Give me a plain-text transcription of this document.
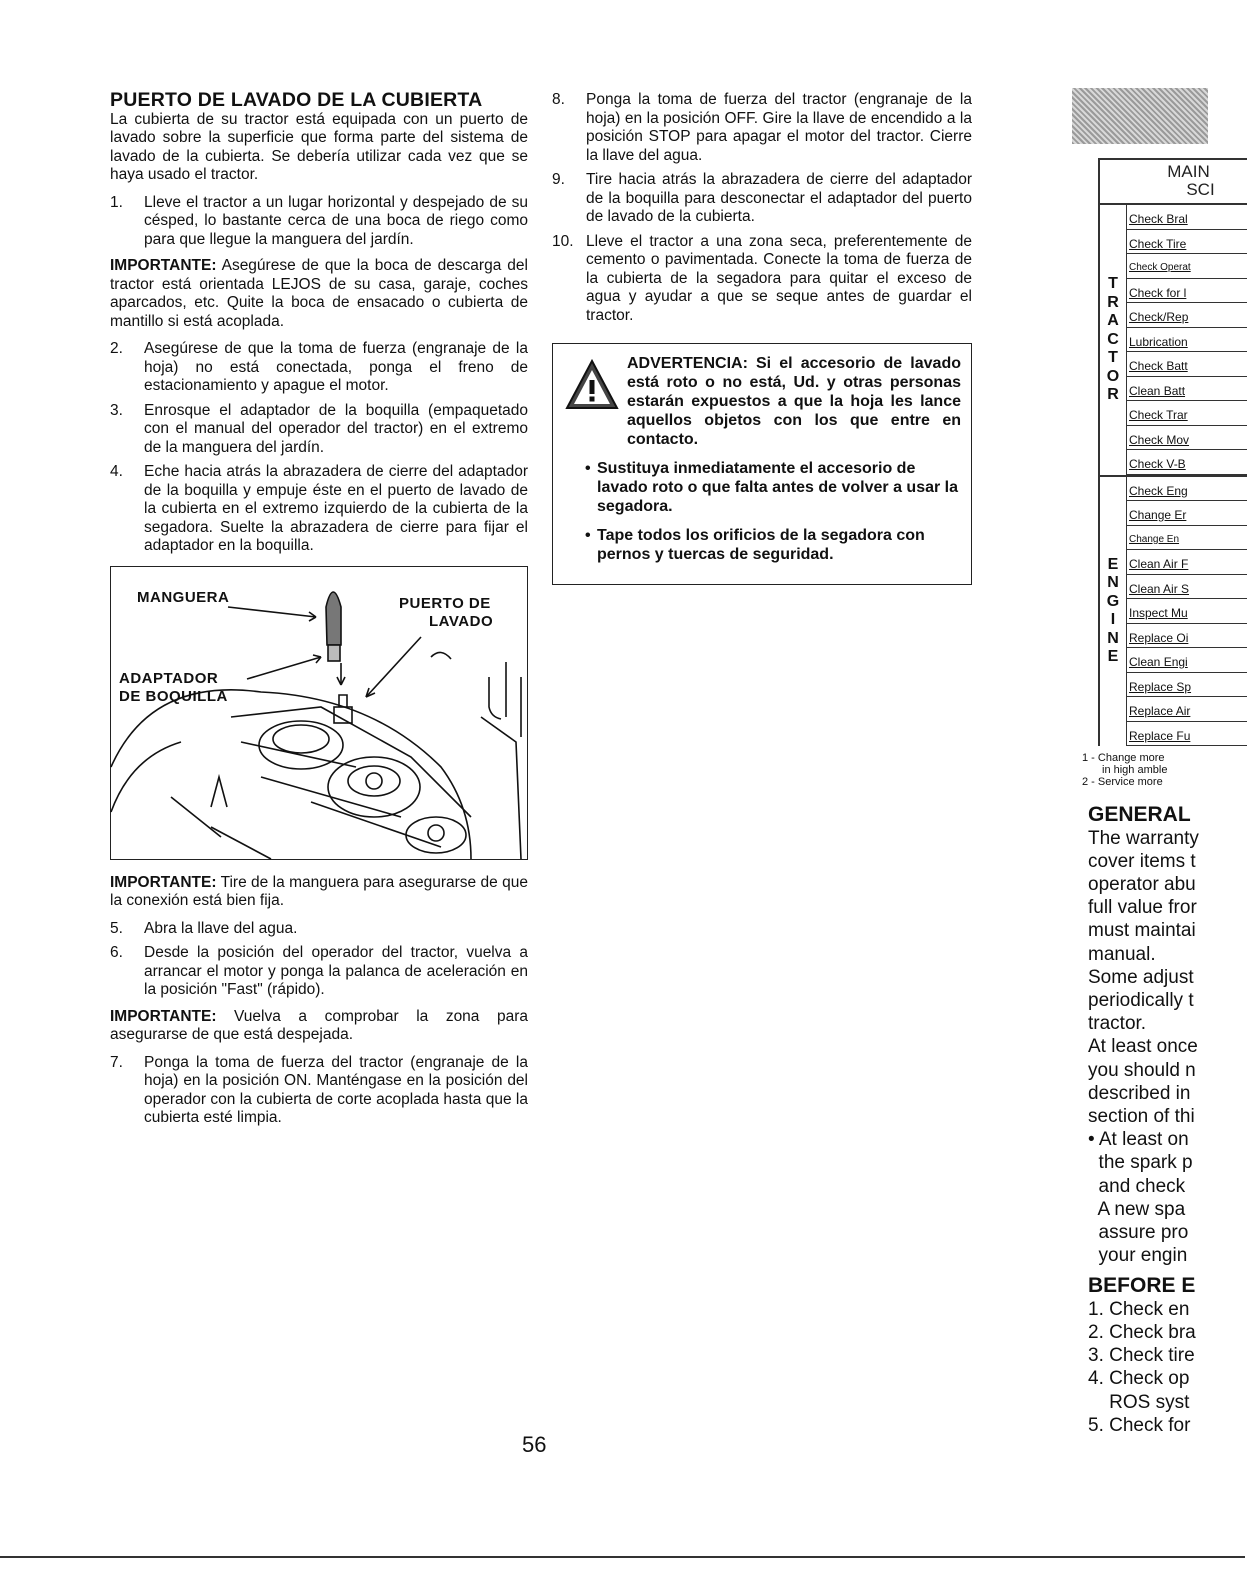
PUERTO DE LAVADO DE LA CUBIERTA

La cubierta de su tractor está equipada con un puerto de lavado sobre la superficie que forma parte del sistema de lavado de la cubierta. Se debería utilizar cada vez que se haya usado el tractor.

1.	Lleve el tractor a un lugar horizontal y despejado de su césped, lo bastante cerca de una boca de riego como para que llegue la manguera del jardín.

IMPORTANTE: Asegúrese de que la boca de descarga del tractor está orientada LEJOS de su casa, garaje, coches aparcados, etc. Quite la boca de ensacado o cubierta de mantillo si está acoplada.

2.	Asegúrese de que la toma de fuerza (engranaje de la hoja) no está conectada, ponga el freno de estacionamiento y apague el motor.
3.	Enrosque el adaptador de la boquilla (empaquetado con el manual del operador del tractor) en el extremo de la manguera del jardín.
4.	Eche hacia atrás la abrazadera de cierre del adaptador de la boquilla y empuje éste en el puerto de lavado de la cubierta en el extremo izquierdo de la cubierta de la segadora. Suelte la abrazadera de cierre para fijar el adaptador en la boquilla.
MANGUERA	PUERTO DE
LAVADO
ADAPTADOR
DE BOQUILLA

IMPORTANTE: Tire de la manguera para asegurarse de que la conexión está bien fija.

5.	Abra la llave del agua.
6.	Desde la posición del operador del tractor, vuelva a arrancar el motor y ponga la palanca de aceleración en la posición "Fast" (rápido).

IMPORTANTE: Vuelva a comprobar la zona para asegurarse de que está despejada.

7.	Ponga la toma de fuerza del tractor (engranaje de la hoja) en la posición ON. Manténgase en la posición del operador con la cubierta de corte acoplada hasta que la cubierta esté limpia.
8.	Ponga la toma de fuerza del tractor (engranaje de la hoja) en la posición OFF. Gire la llave de encendido a la posición STOP para apagar el motor del tractor. Cierre la llave del agua.
9.	Tire hacia atrás la abrazadera de cierre del adaptador de la boquilla para desconectar el adaptador del puerto de lavado de la cubierta.
10. Lleve el tractor a una zona seca, preferentemente de cemento o pavimentada. Conecte la toma de fuerza de la cubierta de la segadora para quitar el exceso de agua y ayudar a que se seque antes de guardar el tractor.
ADVERTENCIA: Si el accesorio de lavado está roto o no está, Ud. y otras personas estarán expuestos a que la hoja les lance aquellos objetos con los que entre en contacto.
• Sustituya inmediatamente el accesorio de lavado roto o que falta antes de volver a usar la segadora.
• Tape todos los orificios de la segadora con pernos y tuercas de seguridad.
MAIN
SCI
T
R
A
C
T
O
R
Check Bral
Check Tire
Check Operat
Check for l
Check/Rep
Lubrication
Check Batt
Clean Batt
Check Trar
Check Mov
Check V-B
E
N
G
I
N
E
Check Eng
Change Er
Change En
Clean Air F
Clean Air S
Inspect Mu
Replace Oi
Clean Engi
Replace Sp
Replace Air
Replace Fu
1 - Change more
in high amble
2 - Service more
GENERAL
The warranty
cover items t
operator abu
full value fror
must maintai
manual.
Some adjust
periodically t
tractor.
At least once
you should n
described in
section of thi
• At least on
the spark p
and check
A new spa
assure pro
your engin
BEFORE E
1. Check en
2. Check bra
3. Check tire
4. Check op
ROS syst
5. Check for
56
